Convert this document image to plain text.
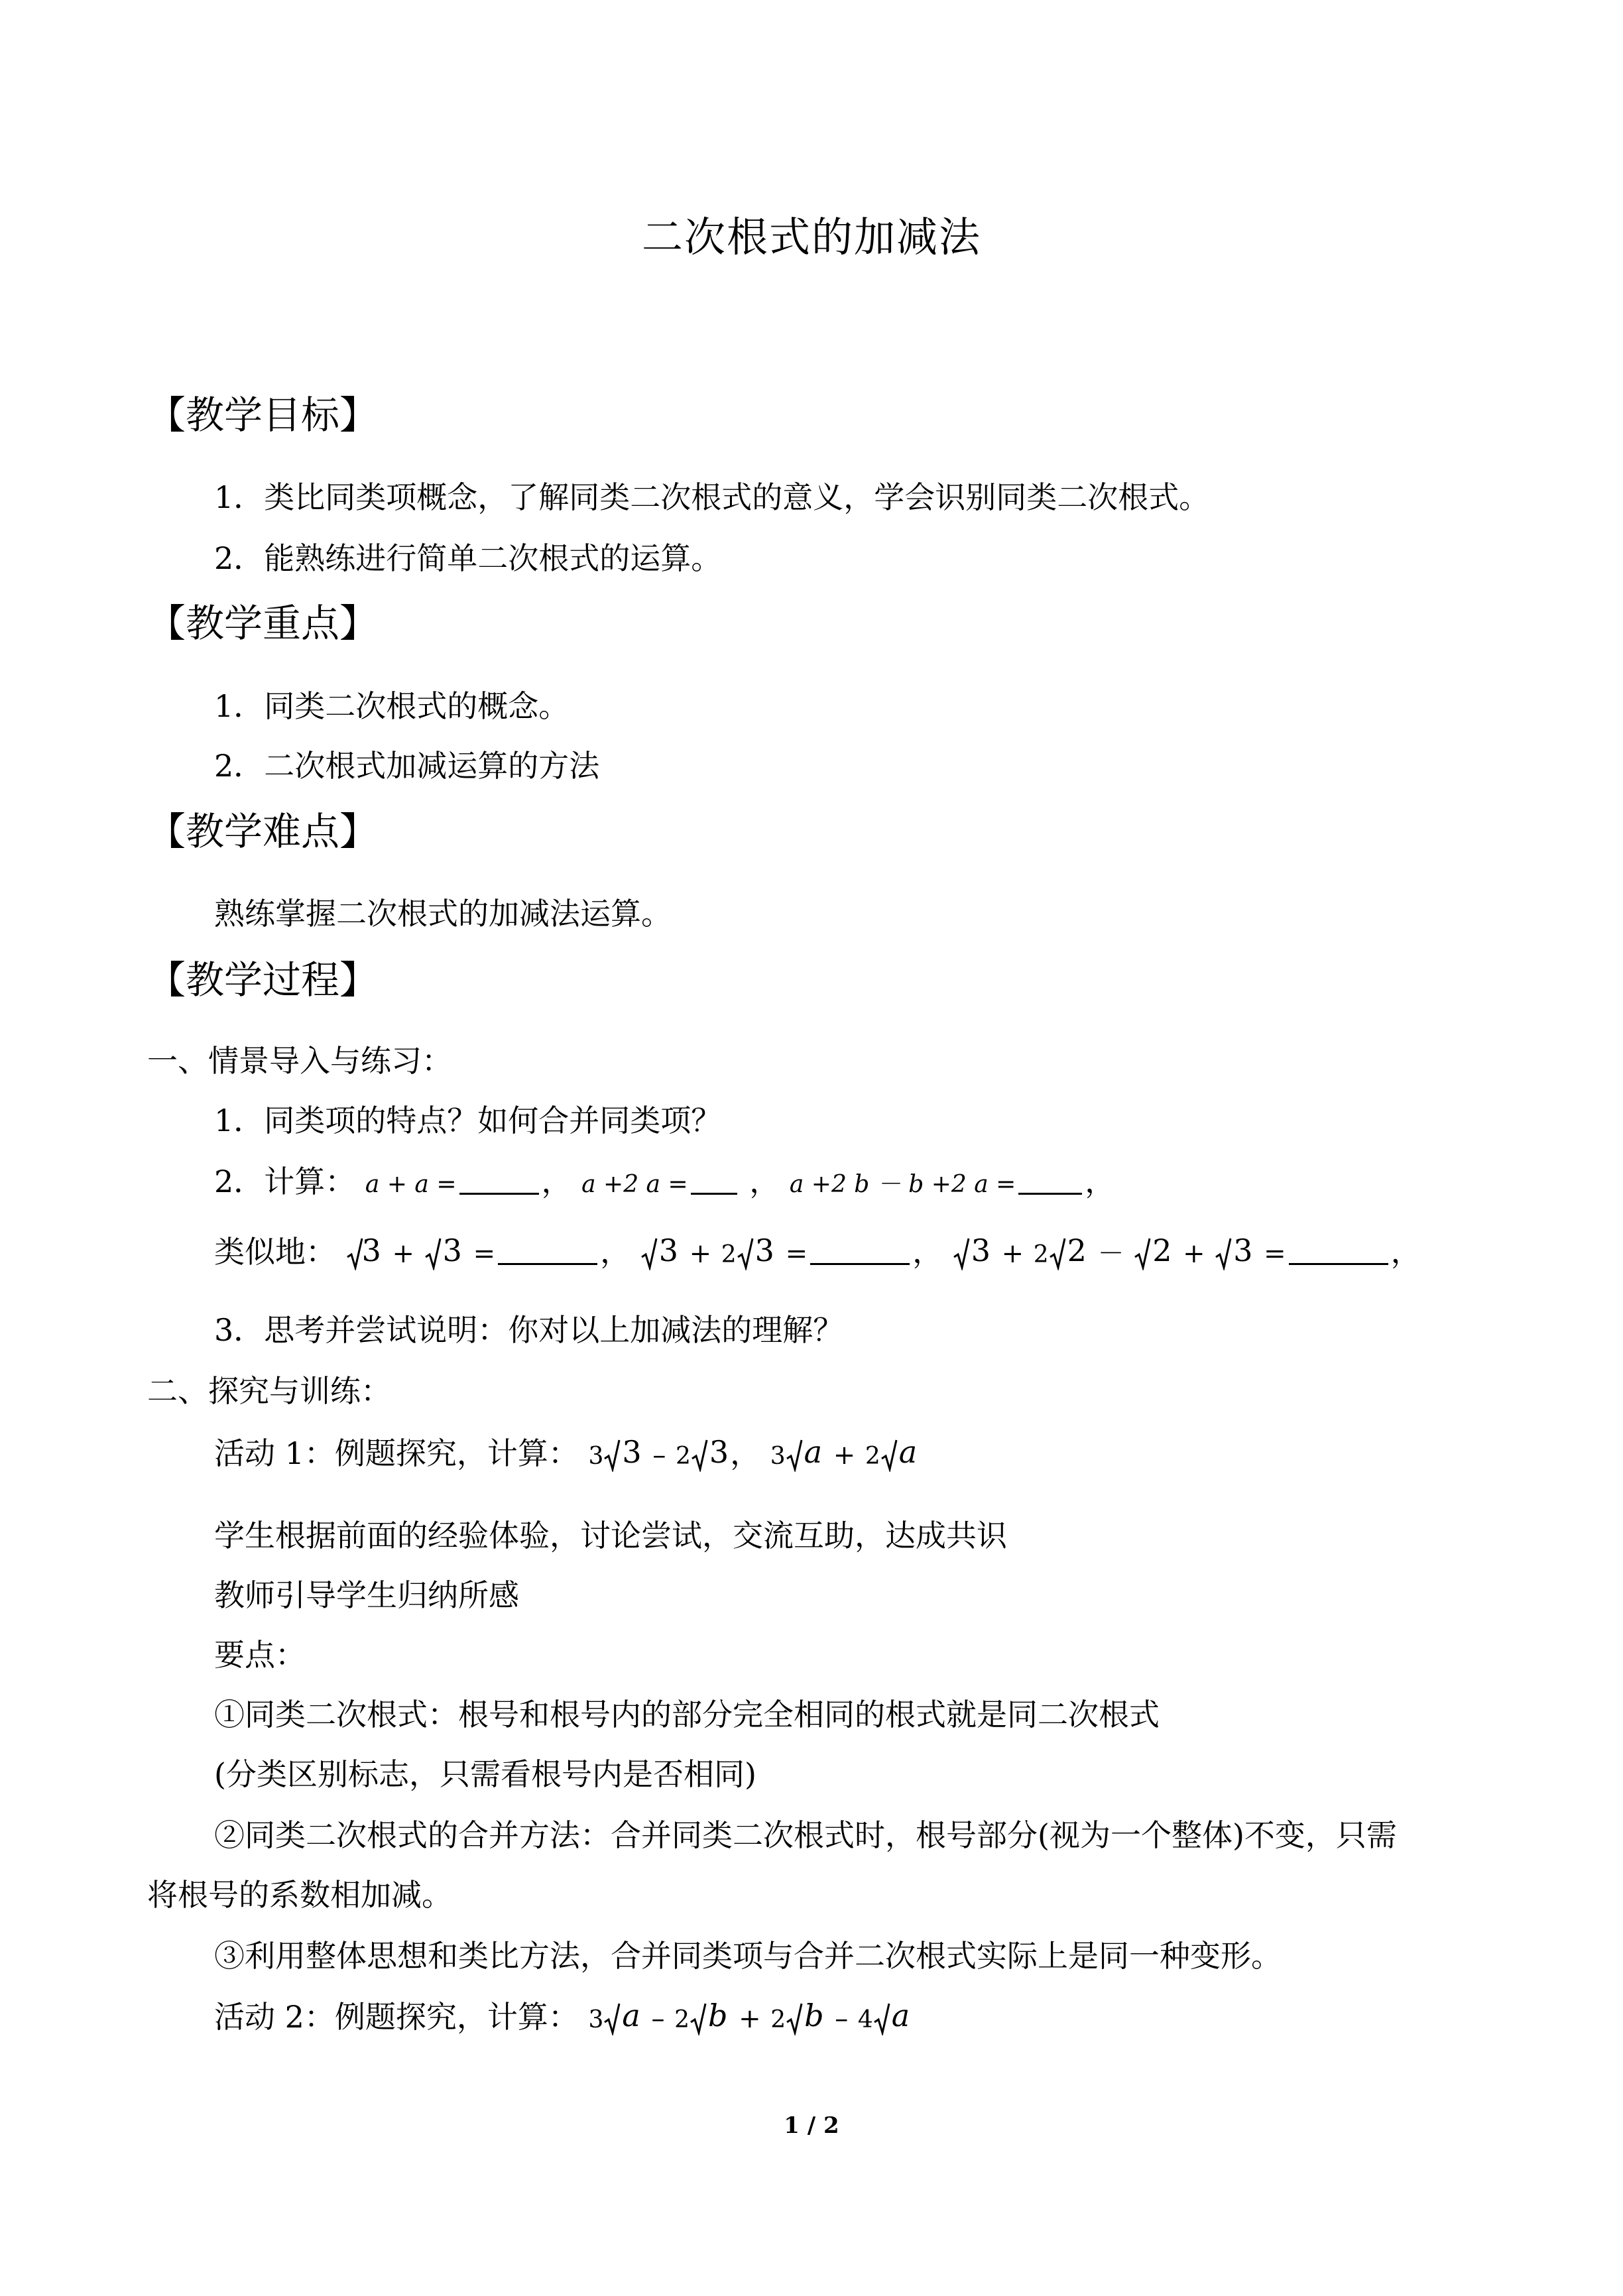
二次根式的加减法
【教学目标】
1．类比同类项概念，了解同类二次根式的意义，学会识别同类二次根式。
2．能熟练进行简单二次根式的运算。
【教学重点】
1．同类二次根式的概念。
2．二次根式加减运算的方法
【教学难点】
熟练掌握二次根式的加减法运算。
【教学过程】
一、情景导入与练习：
1．同类项的特点？如何合并同类项？
2．计算： a + a =	， a +2 a = ， a +2 b － b +2 a = ，
类似地： 3 + 3 =	， 3 + 2 3 =	， 3 + 2 2 － 2 + 3 =	，
3．思考并尝试说明：你对以上加减法的理解？
二、探究与训练：
活动 1：例题探究，计算： 3 3 – 2 3 ， 3 a + 2 a
学生根据前面的经验体验，讨论尝试，交流互助，达成共识
教师引导学生归纳所感
要点：
①同类二次根式：根号和根号内的部分完全相同的根式就是同二次根式
(分类区别标志，只需看根号内是否相同)
②同类二次根式的合并方法：合并同类二次根式时，根号部分(视为一个整体)不变，只需
将根号的系数相加减。
③利用整体思想和类比方法，合并同类项与合并二次根式实际上是同一种变形。
活动 2：例题探究，计算： 3 a – 2 b + 2 b – 4 a
1 / 2
